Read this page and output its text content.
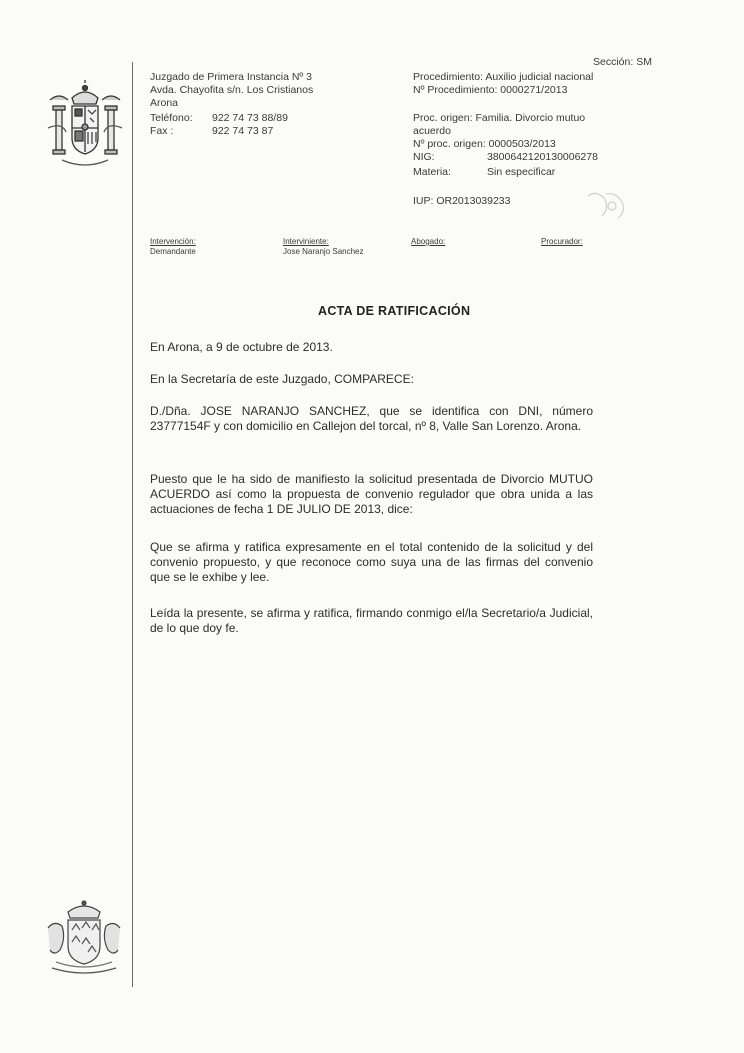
Juzgado de Primera Instancia Nº 3
Avda. Chayofita s/n. Los Cristianos
Arona
Teléfono: 922 74 73 88/89
Fax :	922 74 73 87
Sección: SM
Procedimiento: Auxilio judicial nacional
Nº Procedimiento: 0000271/2013
Proc. origen: Familia. Divorcio mutuo
acuerdo
Nº proc. origen: 0000503/2013
NIG:	3800642120130006278
Materia:	Sin especificar
IUP: OR2013039233
Intervención:
Demandante
Interviniente:
Jose Naranjo Sanchez
Abogado:	Procurador:
ACTA DE RATIFICACIÓN
En Arona, a 9 de octubre de 2013.
En la Secretaría de este Juzgado, COMPARECE:
D./Dña. JOSE NARANJO SANCHEZ, que se identifica con DNI, número 23777154F y con domicilio en Callejon del torcal, nº 8, Valle San Lorenzo. Arona.
Puesto que le ha sido de manifiesto la solicitud presentada de Divorcio MUTUO ACUERDO así como la propuesta de convenio regulador que obra unida a las actuaciones de fecha 1 DE JULIO DE 2013, dice:
Que se afirma y ratifica expresamente en el total contenido de la solicitud y del convenio propuesto, y que reconoce como suya una de las firmas del convenio que se le exhibe y lee.
Leída la presente, se afirma y ratifica, firmando conmigo el/la Secretario/a Judicial, de lo que doy fe.
